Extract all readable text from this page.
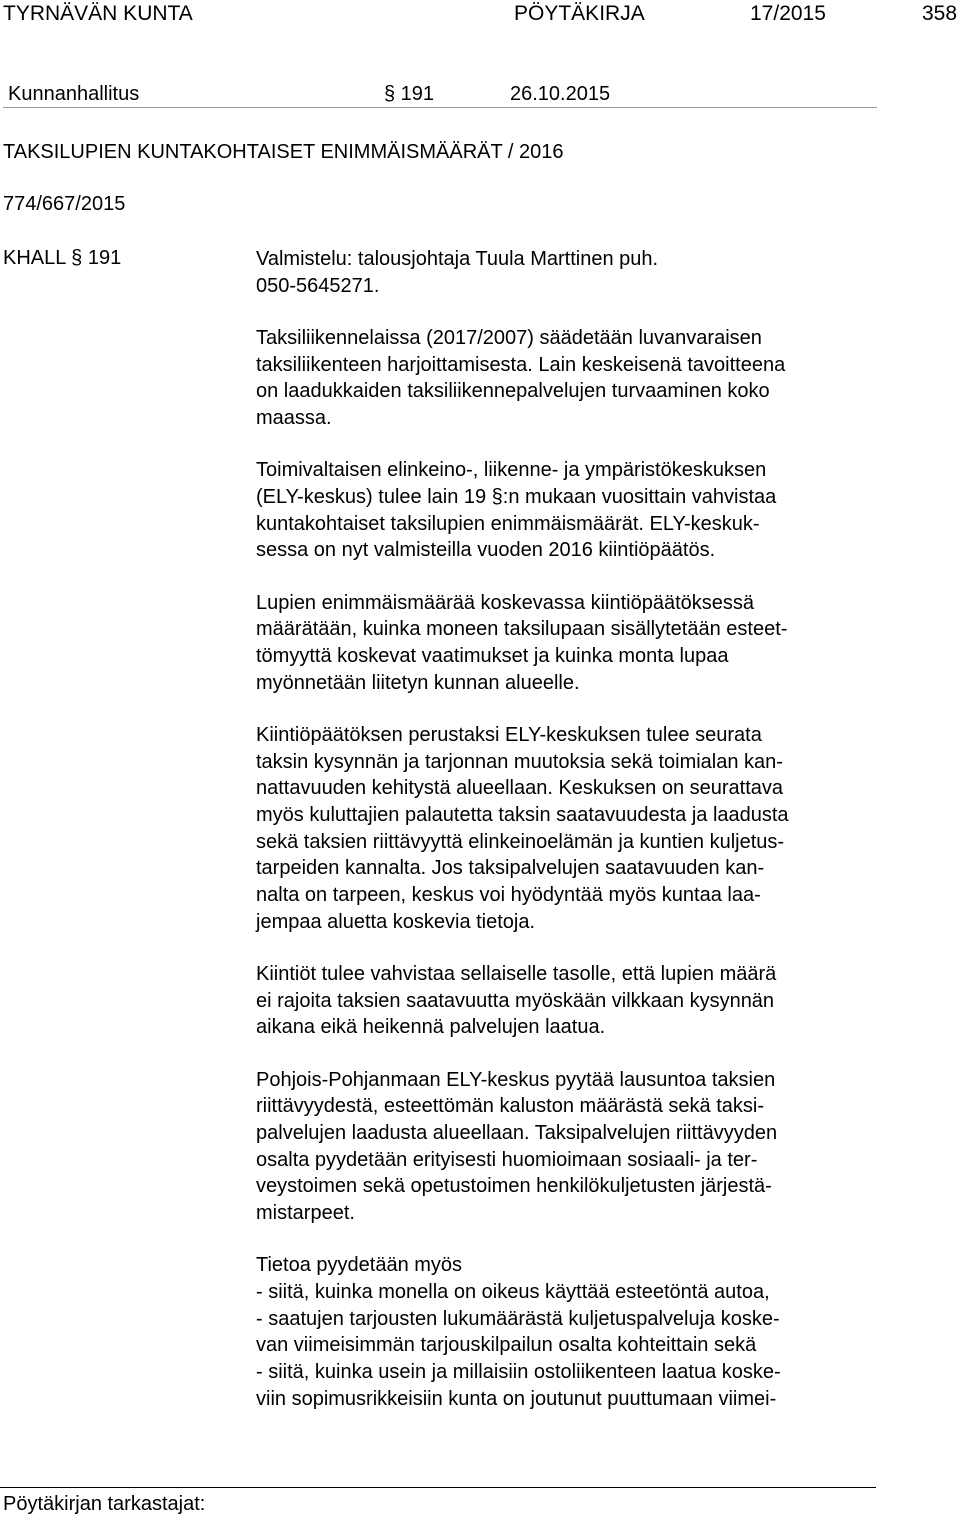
TYRNÄVÄN KUNTA	PÖYTÄKIRJA	17/2015	358
Kunnanhallitus	§ 191	26.10.2015
TAKSILUPIEN KUNTAKOHTAISET ENIMMÄISMÄÄRÄT / 2016
774/667/2015
KHALL § 191	Valmistelu: talousjohtaja Tuula Marttinen puh.
050-5645271.

Taksiliikennelaissa (2017/2007) säädetään luvanvaraisen
taksiliikenteen harjoittamisesta. Lain keskeisenä tavoitteena
on laadukkaiden taksiliikennepalvelujen turvaaminen koko
maassa.

Toimivaltaisen elinkeino-, liikenne- ja ympäristökeskuksen
(ELY-keskus) tulee lain 19 §:n mukaan vuosittain vahvistaa
kuntakohtaiset taksilupien enimmäismäärät. ELY-keskuk-
sessa on nyt valmisteilla vuoden 2016 kiintiöpäätös.

Lupien enimmäismäärää koskevassa kiintiöpäätöksessä
määrätään, kuinka moneen taksilupaan sisällytetään esteet-
tömyyttä koskevat vaatimukset ja kuinka monta lupaa
myönnetään liitetyn kunnan alueelle.

Kiintiöpäätöksen perustaksi ELY-keskuksen tulee seurata
taksin kysynnän ja tarjonnan muutoksia sekä toimialan kan-
nattavuuden kehitystä alueellaan. Keskuksen on seurattava
myös kuluttajien palautetta taksin saatavuudesta ja laadusta
sekä taksien riittävyyttä elinkeinoelämän ja kuntien kuljetus-
tarpeiden kannalta. Jos taksipalvelujen saatavuuden kan-
nalta on tarpeen, keskus voi hyödyntää myös kuntaa laa-
jempaa aluetta koskevia tietoja.

Kiintiöt tulee vahvistaa sellaiselle tasolle, että lupien määrä
ei rajoita taksien saatavuutta myöskään vilkkaan kysynnän
aikana eikä heikennä palvelujen laatua.

Pohjois-Pohjanmaan ELY-keskus pyytää lausuntoa taksien
riittävyydestä, esteettömän kaluston määrästä sekä taksi-
palvelujen laadusta alueellaan. Taksipalvelujen riittävyyden
osalta pyydetään erityisesti huomioimaan sosiaali- ja ter-
veystoimen sekä opetustoimen henkilökuljetusten järjestä-
mistarpeet.

Tietoa pyydetään myös
- siitä, kuinka monella on oikeus käyttää esteetöntä autoa,
- saatujen tarjousten lukumäärästä kuljetuspalveluja koske-
van viimeisimmän tarjouskilpailun osalta kohteittain sekä
- siitä, kuinka usein ja millaisiin ostoliikenteen laatua koske-
viin sopimusrikkeisiin kunta on joutunut puuttumaan viimei-

Pöytäkirjan tarkastajat:
